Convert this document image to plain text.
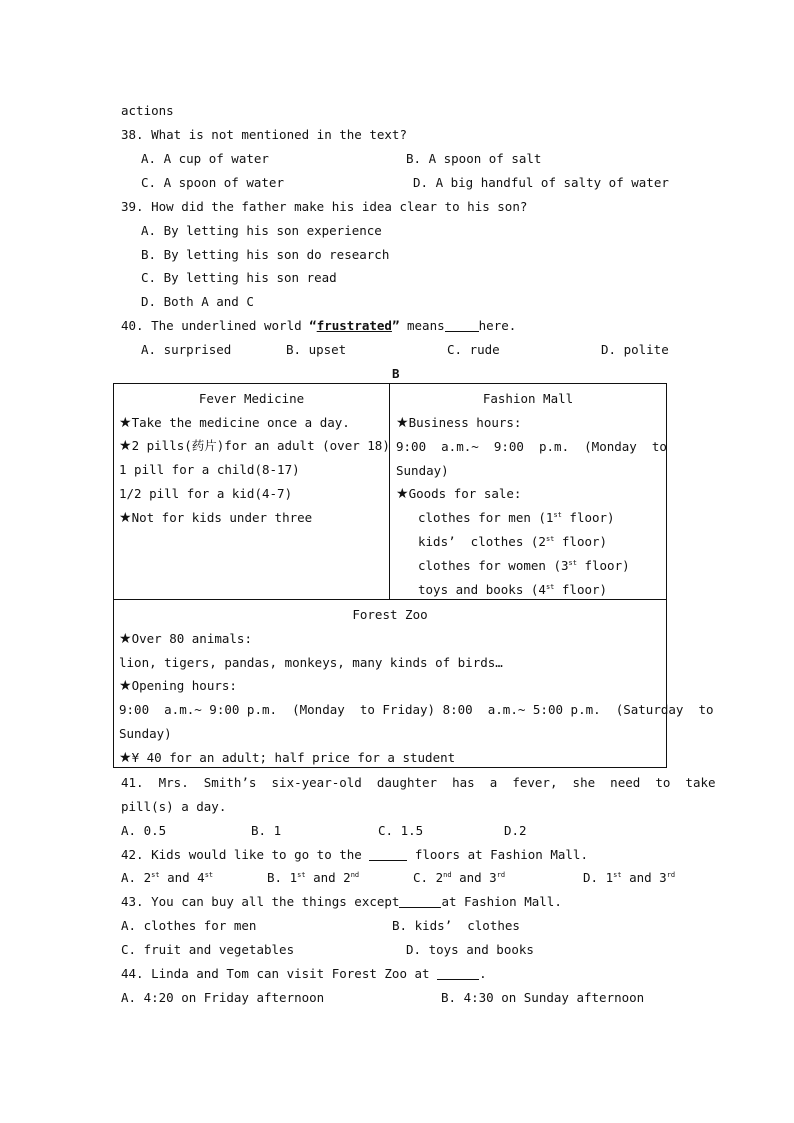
actions
38. What is not mentioned in the text?
A. A cup of water	B. A spoon of salt
C. A spoon of water	D. A big handful of salty of water
39. How did the father make his idea clear to his son?
A. By letting his son experience
B. By letting his son do research
C. By letting his son read
D. Both A and C
40. The underlined world “frustrated” means	here.
A. surprised	B. upset	C. rude	D. polite
B
Fever Medicine
★Take the medicine once a day.
★2 pills(药片)for an adult (over 18)
1 pill for a child(8-17)
1/2 pill for a kid(4-7)
★Not for kids under three
Fashion Mall
★Business hours:
9:00  a.m.~  9:00  p.m.  (Monday  to
Sunday)
★Goods for sale:
clothes for men (1st floor)
kids’  clothes (2st floor)
clothes for women (3st floor)
toys and books (4st floor)
Forest Zoo
★Over 80 animals:
lion, tigers, pandas, monkeys, many kinds of birds…
★Opening hours:
9:00  a.m.~ 9:00 p.m.  (Monday  to Friday) 8:00  a.m.~ 5:00 p.m.  (Saturday  to
Sunday)
★¥ 40 for an adult; half price for a student
41.  Mrs.  Smith’s  six-year-old  daughter  has  a  fever,  she  need  to  take
pill(s) a day.
A. 0.5	B. 1	C. 1.5	D.2
42. Kids would like to go to the	floors at Fashion Mall.
A. 2st and 4st	B. 1st and 2nd	C. 2nd and 3rd	D. 1st and 3rd
43. You can buy all the things except	at Fashion Mall.
A. clothes for men	B. kids’  clothes
C. fruit and vegetables	D. toys and books
44. Linda and Tom can visit Forest Zoo at	.
A. 4:20 on Friday afternoon	B. 4:30 on Sunday afternoon
